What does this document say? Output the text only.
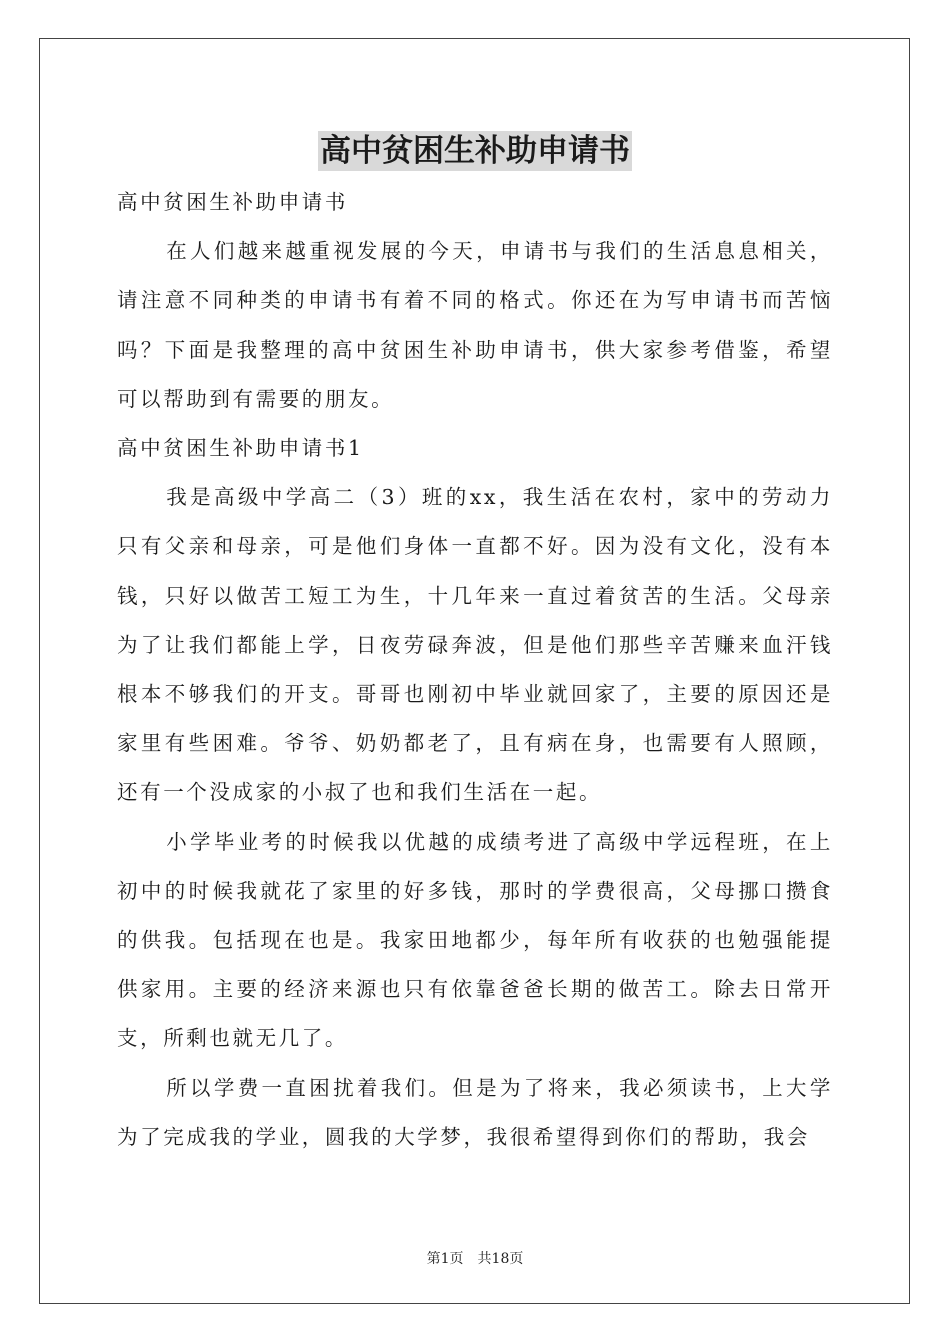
高中贫困生补助申请书

高中贫困生补助申请书

在人们越来越重视发展的今天，申请书与我们的生活息息相关，请注意不同种类的申请书有着不同的格式。你还在为写申请书而苦恼吗？下面是我整理的高中贫困生补助申请书，供大家参考借鉴，希望可以帮助到有需要的朋友。

高中贫困生补助申请书1

我是高级中学高二（3）班的xx，我生活在农村，家中的劳动力只有父亲和母亲，可是他们身体一直都不好。因为没有文化，没有本钱，只好以做苦工短工为生，十几年来一直过着贫苦的生活。父母亲为了让我们都能上学，日夜劳碌奔波，但是他们那些辛苦赚来血汗钱根本不够我们的开支。哥哥也刚初中毕业就回家了，主要的原因还是家里有些困难。爷爷、奶奶都老了，且有病在身，也需要有人照顾，还有一个没成家的小叔了也和我们生活在一起。

小学毕业考的时候我以优越的成绩考进了高级中学远程班，在上初中的时候我就花了家里的好多钱，那时的学费很高，父母挪口攒食的供我。包括现在也是。我家田地都少，每年所有收获的也勉强能提供家用。主要的经济来源也只有依靠爸爸长期的做苦工。除去日常开支，所剩也就无几了。

所以学费一直困扰着我们。但是为了将来，我必须读书，上大学为了完成我的学业，圆我的大学梦，我很希望得到你们的帮助，我会

第1页 共18页
